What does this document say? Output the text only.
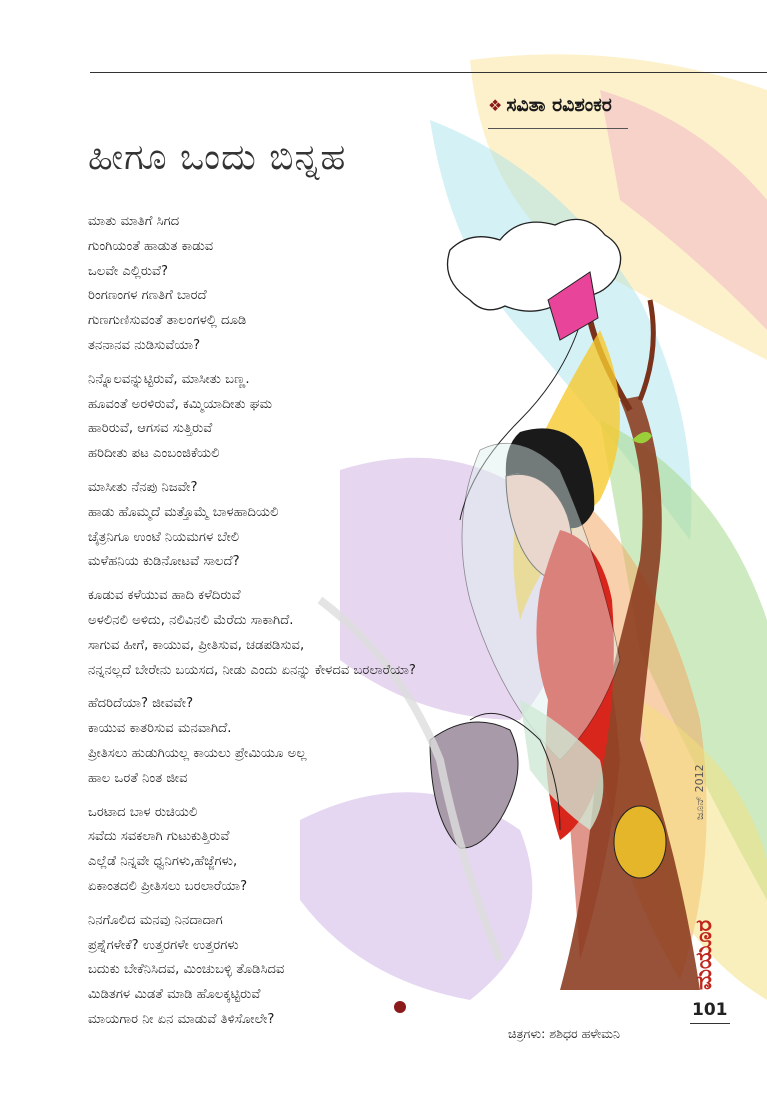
❖ ಸವಿತಾ ರವಿಶಂಕರ
ಹೀಗೂ ಒಂದು ಬಿನ್ನಹ
ಮಾತು ಮಾತಿಗೆ ಸಿಗದ
ಗುಂಗಿಯಂತೆ ಹಾಡುತ ಕಾಡುವ
ಒಲವೇ ಎಲ್ಲಿರುವೆ?
ರಿಂಗಣಂಗಳ ಗಣತಿಗೆ ಬಾರದೆ
ಗುಣಗುಣಿಸುವಂತೆ ತಾಲಂಗಳಲ್ಲಿ ದೂಡಿ
ತನನಾನವ ನುಡಿಸುವೆಯಾ?
ನಿನ್ನೊಲವನ್ನುಟ್ಟಿರುವೆ, ಮಾಸೀತು ಬಣ್ಣ.
ಹೂವಂತೆ ಅರಳಿರುವೆ, ಕಮ್ಮಿಯಾದೀತು ಘಮ
ಹಾರಿರುವೆ, ಆಗಸವ ಸುತ್ತಿರುವೆ
ಹರಿದೀತು ಪಟ ಎಂಬಂಜಿಕೆಯಲಿ
ಮಾಸೀತು ನೆನಪು ನಿಜವೇ?
ಹಾಡು ಹೊಮ್ಮದೆ ಮತ್ತೊಮ್ಮೆ ಬಾಳಹಾದಿಯಲಿ
ಚೈತ್ರನಿಗೂ ಉಂಟೆ ನಿಯಮಗಳ ಬೇಲಿ
ಮಳೆಹನಿಯ ಕುಡಿನೋಟವೆ ಸಾಲದೆ?
ಕೂಡುವ ಕಳೆಯುವ ಹಾದಿ ಕಳೆದಿರುವೆ
ಅಳಲಿನಲಿ ಅಳಿದು, ನಲಿವಿನಲಿ ಮೆರೆದು ಸಾಕಾಗಿದೆ.
ಸಾಗುವ ಹೀಗೆ, ಕಾಯುವ, ಪ್ರೀತಿಸುವ, ಚಡಪಡಿಸುವ,
ನನ್ನನಲ್ಲದೆ ಬೇರೇನು ಬಯಸದ, ನೀಡು ಎಂದು ಏನನ್ನು ಕೇಳದವ ಬರಲಾರೆಯಾ?
ಹೆದರಿದೆಯಾ? ಜೀವವೇ?
ಕಾಯುವ ಕಾತರಿಸುವ ಮನವಾಗಿದೆ.
ಪ್ರೀತಿಸಲು ಹುಡುಗಿಯಲ್ಲ ಕಾಯಲು ಪ್ರೇಮಿಯೂ ಅಲ್ಲ
ಹಾಲ ಒರತೆ ನಿಂತ ಜೀವ
ಒರಟಾದ ಬಾಳ ರುಚಿಯಲಿ
ಸವೆದು ಸವಕಲಾಗಿ ಗುಟುಕುತ್ತಿರುವೆ
ಎಲ್ಲೆಡೆ ನಿನ್ನವೇ ಧ್ವನಿಗಳು,ಹೆಜ್ಜೆಗಳು,
ಏಕಾಂತದಲಿ ಪ್ರೀತಿಸಲು ಬರಲಾರೆಯಾ?
ನಿನಗೊಲಿದ ಮನವು ನಿನದಾದಾಗ
ಪ್ರಶ್ನೆಗಳೇಕೆ? ಉತ್ತರಗಳೇ ಉತ್ತರಗಳು
ಬದುಕು ಬೇಕೆನಿಸಿದವ, ಮಿಂಚುಬಳ್ಳಿ ತೊಡಿಸಿದವ
ಮಿಡಿತಗಳ ಮಿಡತೆ ಮಾಡಿ ಹೊಲಕ್ಕಟ್ಟಿರುವೆ
ಮಾಯಗಾರ ನೀ ಏನ ಮಾಡುವೆ ತಿಳಿಸೋಲೇ?
ಜೂನ್ 2012
ಮಯೂರ
101
ಚಿತ್ರಗಳು: ಶಶಿಧರ ಹಳೇಮನಿ
